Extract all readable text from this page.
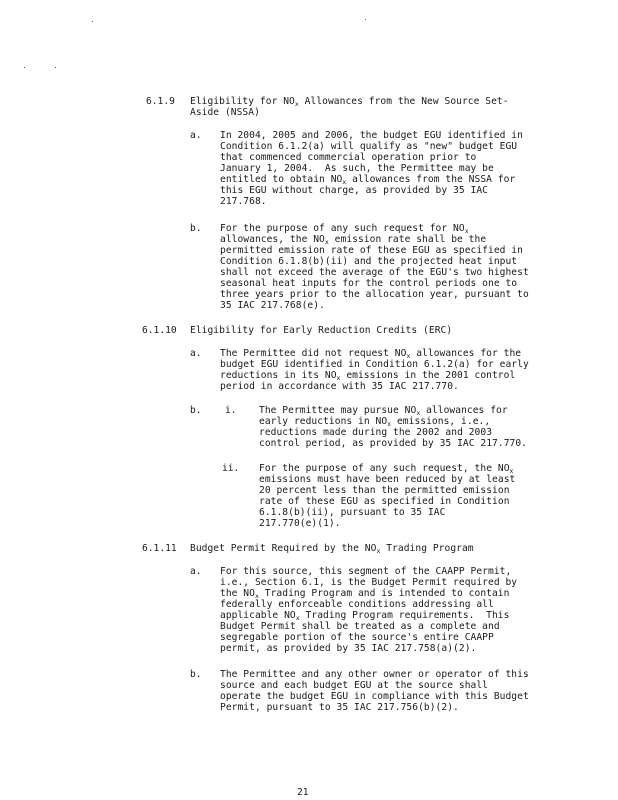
6.1.9 Eligibility for $NO_x$ Allowances from the New Source Set-
Aside (NSSA)
a. In 2004, 2005 and 2006, the budget EGU identified in
Condition 6.1.2(a) will qualify as "new" budget EGU
that commenced commercial operation prior to
January 1, 2004.  As such, the Permittee may be
entitled to obtain $NO_x$ allowances from the NSSA for
this EGU without charge, as provided by 35 IAC
217.768.
b. For the purpose of any such request for $NO_x$
allowances, the $NO_x$ emission rate shall be the
permitted emission rate of these EGU as specified in
Condition 6.1.8(b)(ii) and the projected heat input
shall not exceed the average of the EGU's two highest
seasonal heat inputs for the control periods one to
three years prior to the allocation year, pursuant to
35 IAC 217.768(e).
6.1.10 Eligibility for Early Reduction Credits (ERC)
a. The Permittee did not request $NO_x$ allowances for the
budget EGU identified in Condition 6.1.2(a) for early
reductions in its $NO_x$ emissions in the 2001 control
period in accordance with 35 IAC 217.770.
b. i. The Permittee may pursue $NO_x$ allowances for
early reductions in $NO_x$ emissions, i.e.,
reductions made during the 2002 and 2003
control period, as provided by 35 IAC 217.770.
ii. For the purpose of any such request, the $NO_x$
emissions must have been reduced by at least
20 percent less than the permitted emission
rate of these EGU as specified in Condition
6.1.8(b)(ii), pursuant to 35 IAC
217.770(e)(1).
6.1.11 Budget Permit Required by the $NO_x$ Trading Program
a. For this source, this segment of the CAAPP Permit,
i.e., Section 6.1, is the Budget Permit required by
the $NO_x$ Trading Program and is intended to contain
federally enforceable conditions addressing all
applicable $NO_x$ Trading Program requirements.  This
Budget Permit shall be treated as a complete and
segregable portion of the source's entire CAAPP
permit, as provided by 35 IAC 217.758(a)(2).
b. The Permittee and any other owner or operator of this
source and each budget EGU at the source shall
operate the budget EGU in compliance with this Budget
Permit, pursuant to 35 IAC 217.756(b)(2).
21
